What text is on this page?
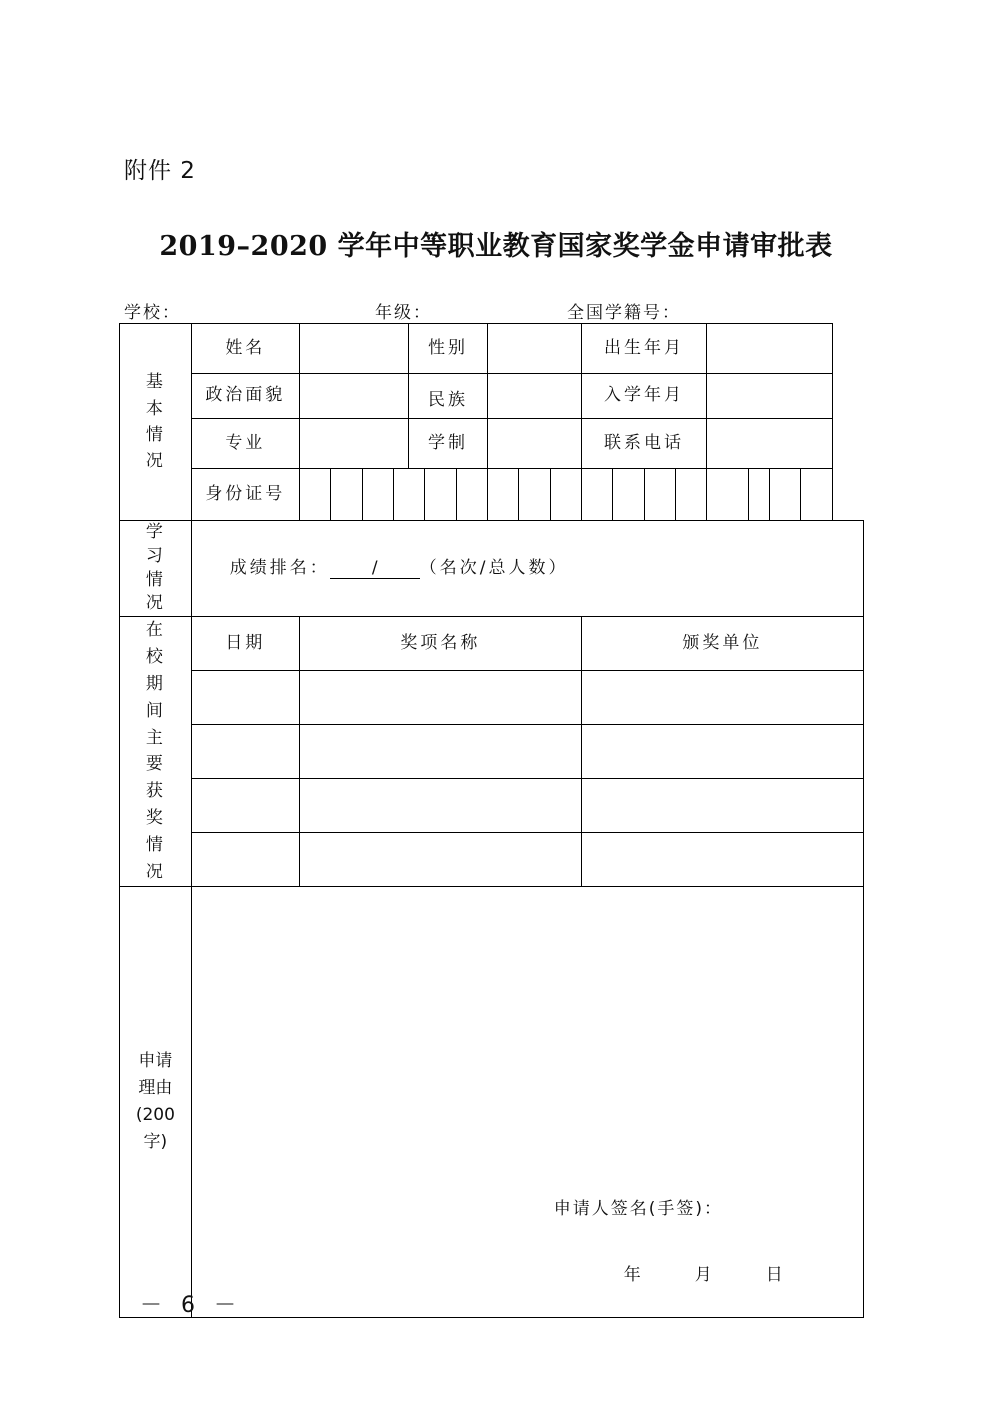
附件 2
2019–2020 学年中等职业教育国家奖学金申请审批表
学校：	年级：	全国学籍号：
基本情况	姓名					性别						出生年月							
	政治面貌					民族						入学年月							
	专业					学制						联系电话							
	身份证号																		

学习情况	成绩排名： / （名次/总人数）																		

在校期间主要获奖情况	日期	奖项名称										颁奖单位							

申请理由(200字)	申请人签名(手签)：
年 月 日																		
－ 6 －
